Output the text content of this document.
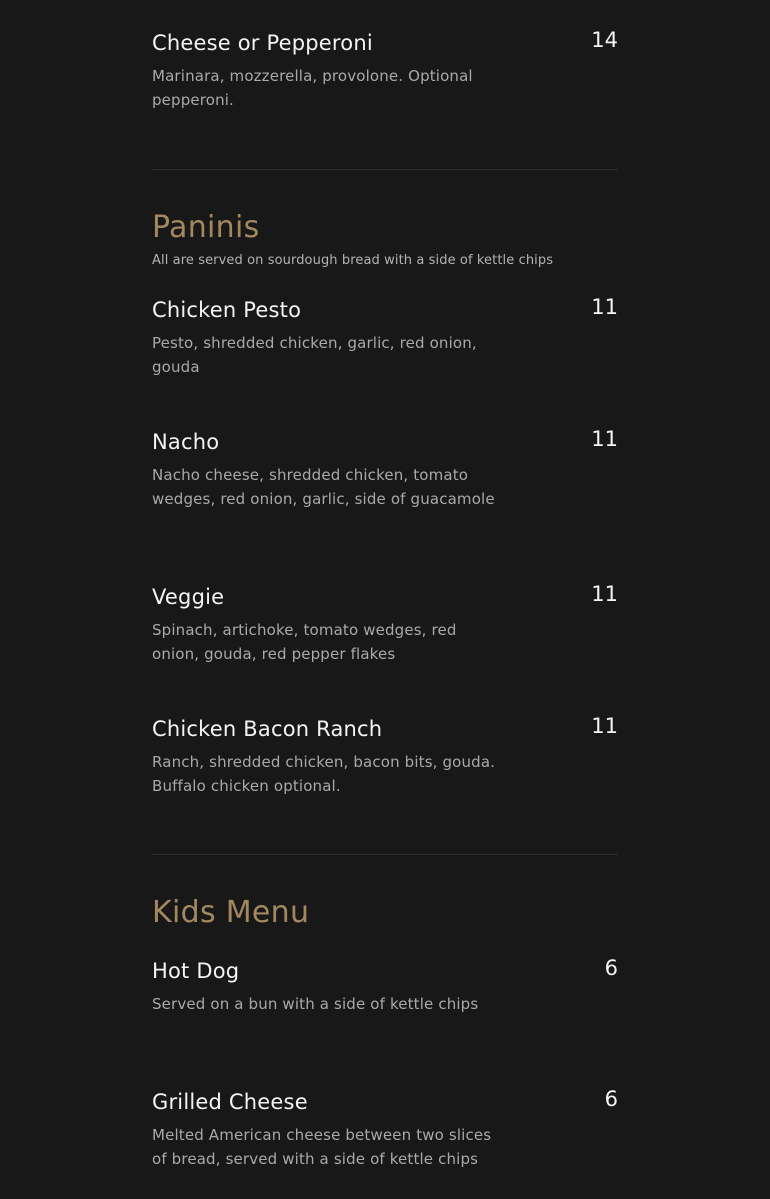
Cheese or Pepperoni	14
Marinara, mozzerella, provolone. Optional pepperoni.
Paninis
All are served on sourdough bread with a side of kettle chips
Chicken Pesto	11
Pesto, shredded chicken, garlic, red onion, gouda
Nacho	11
Nacho cheese, shredded chicken, tomato wedges, red onion, garlic, side of guacamole
Veggie	11
Spinach, artichoke, tomato wedges, red onion, gouda, red pepper flakes
Chicken Bacon Ranch	11
Ranch, shredded chicken, bacon bits, gouda. Buffalo chicken optional.
Kids Menu
Hot Dog	6
Served on a bun with a side of kettle chips
Grilled Cheese	6
Melted American cheese between two slices of bread, served with a side of kettle chips
